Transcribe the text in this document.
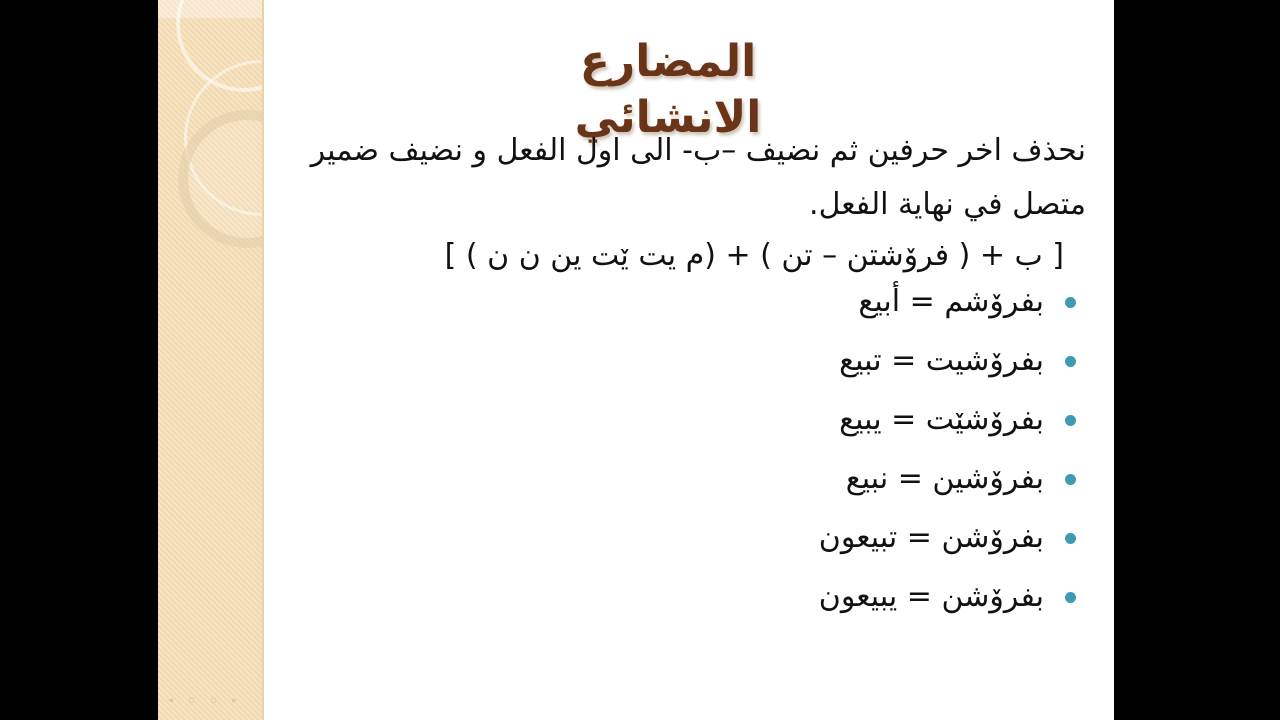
◂ ▫ ▫ ▸
المضارع الانشائي

نحذف اخر حرفين ثم نضيف –ب- الى اول الفعل و نضيف ضمير متصل في نهاية الفعل.

[ ب + ( فرۆشتن – تن ) + (م يت ێت ين ن ن ) ]

بفرۆشم = أبيع
بفرۆشيت = تبيع
بفرۆشێت = يبيع
بفرۆشين = نبيع
بفرۆشن = تبيعون
بفرۆشن = يبيعون
